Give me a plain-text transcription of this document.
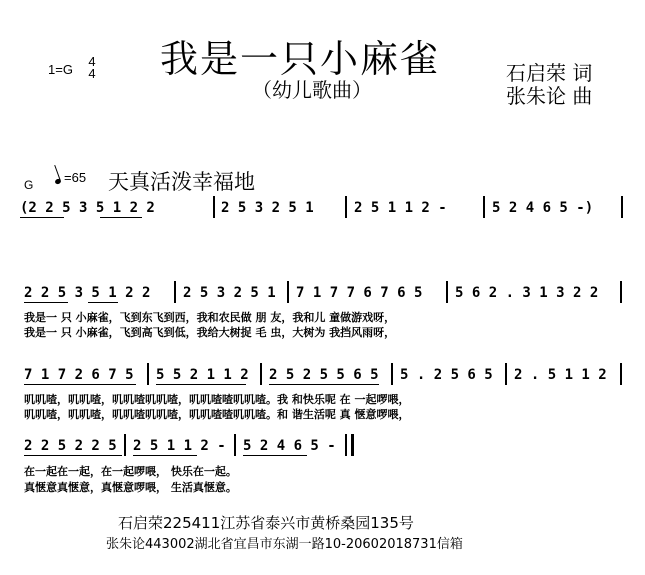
我是一只小麻雀
（幼儿歌曲）
1=G
4
4	石启荣 词
张朱论 曲
G	=65 天真活泼幸福地
(2 2 5 3 5 1 2 2	2 5 3 2 5 1	2 5 1 1 2 -	5 2 4 6 5 -)
2 2 5 3 5 1 2 2 2 5 3 2 5 1 7 1 7 7 6 7 6 5 5 6 2 . 3 1 3 2 2
我是一 只 小麻雀，飞到东飞到西，我和农民做 朋 友，我和儿 童做游戏呀，
我是一 只 小麻雀，飞到高飞到低，我给大树捉 毛 虫，大树为 我挡风雨呀，
7 1 7 2 6 7 5 5 5 2 1 1 2 2 5 2 5 5 6 5 5 . 2 5 6 5 2 . 5 1 1 2
叽叽喳，叽叽喳，叽叽喳叽叽喳，叽叽喳喳叽叽喳。我 和快乐呢 在 一起啰喂，
叽叽喳，叽叽喳，叽叽喳叽叽喳，叽叽喳喳叽叽喳。和 谐生活呢 真 惬意啰喂，
2 2 5 2 2 5 2 5 1 1 2 - 5 2 4 6 5 -
在一起在一起，在一起啰喂， 快乐在一起。
真惬意真惬意，真惬意啰喂， 生活真惬意。
石启荣225411江苏省泰兴市黄桥桑园135号
张朱论443002湖北省宜昌市东湖一路10-20602018731信箱
